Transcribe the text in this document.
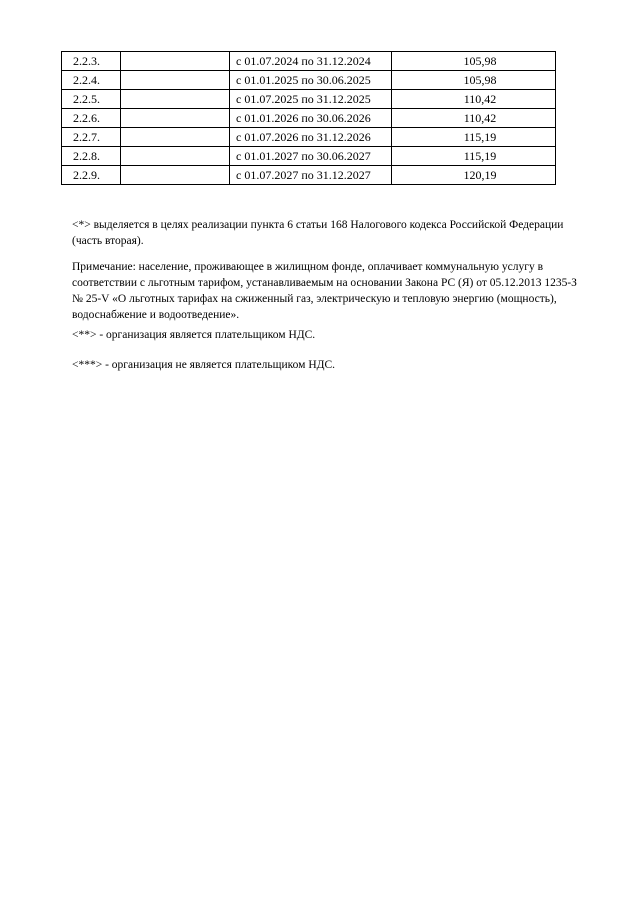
2.2.3.		с 01.07.2024 по 31.12.2024	105,98
2.2.4.		с 01.01.2025 по 30.06.2025	105,98
2.2.5.		с 01.07.2025 по 31.12.2025	110,42
2.2.6.		с 01.01.2026 по 30.06.2026	110,42
2.2.7.		с 01.07.2026 по 31.12.2026	115,19
2.2.8.		с 01.01.2027 по 30.06.2027	115,19
2.2.9.		с 01.07.2027 по 31.12.2027	120,19

<*> выделяется в целях реализации пункта 6 статьи 168 Налогового кодекса Российской Федерации (часть вторая).

Примечание: население, проживающее в жилищном фонде, оплачивает коммунальную услугу в соответствии с льготным тарифом, устанавливаемым на основании Закона РС (Я) от 05.12.2013 1235-З № 25-V «О льготных тарифах на сжиженный газ, электрическую и тепловую энергию (мощность), водоснабжение и водоотведение».

<**> - организация является плательщиком НДС.

<***> - организация не является плательщиком НДС.
